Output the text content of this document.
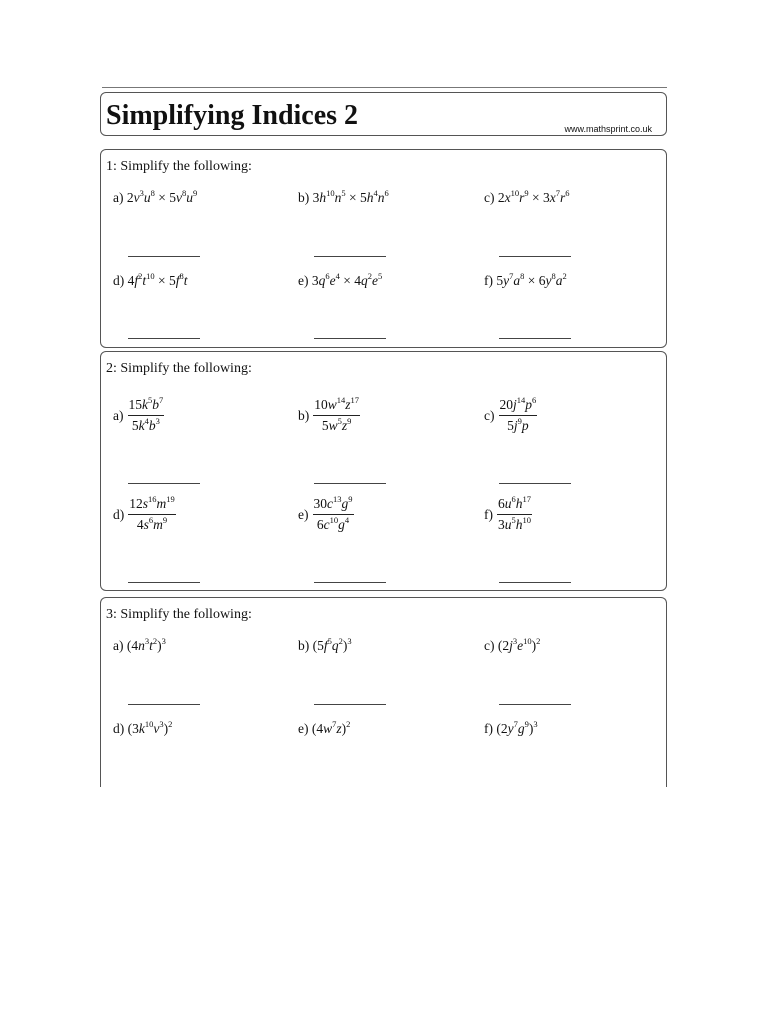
Simplifying Indices 2	www.mathsprint.co.uk
1: Simplify the following:
a) $2v^3u^8 \times 5v^8u^9$	b) $3h^{10}n^5 \times 5h^4n^6$	c) $2x^{10}r^9 \times 3x^7r^6$
d) $4f^2t^{10} \times 5f^8t$	e) $3q^6e^4 \times 4q^2e^5$	f) $5y^7a^8 \times 6y^8a^2$
2: Simplify the following:
$a) \frac{15k^5b^7}{5k^4b^3}$	$b) \frac{10w^{14}z^{17}}{5w^5z^9}$	$c) \frac{20j^{14}p^6}{5j^9p}$
$d) \frac{12s^{16}m^{19}}{4s^6m^9}$	$e) \frac{30c^{13}g^9}{6c^{10}g^4}$	$f) \frac{6u^6h^{17}}{3u^5h^{10}}$
3: Simplify the following:
a) $(4n^3t^2)^3$	b) $(5f^5q^2)^3$	c) $(2j^3e^{10})^2$
d) $(3k^{10}v^3)^2$	e) $(4w^7z)^2$	f) $(2y^7g^9)^3$
